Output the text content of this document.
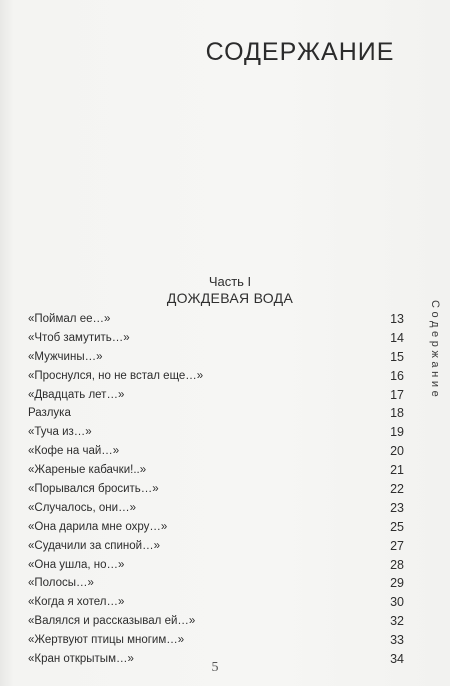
СОДЕРЖАНИЕ
Содержание
Часть I
ДОЖДЕВАЯ ВОДА
«Поймал ее…»	13
«Чтоб замутить…»	14
«Мужчины…»	15
«Проснулся, но не встал еще…»	16
«Двадцать лет…»	17
Разлука	18
«Туча из…»	19
«Кофе на чай…»	20
«Жареные кабачки!..»	21
«Порывался бросить…»	22
«Случалось, они…»	23
«Она дарила мне охру…»	25
«Судачили за спиной…»	27
«Она ушла, но…»	28
«Полосы…»	29
«Когда я хотел…»	30
«Валялся и рассказывал ей…»	32
«Жертвуют птицы многим…»	33
«Кран открытым…»	34
5
